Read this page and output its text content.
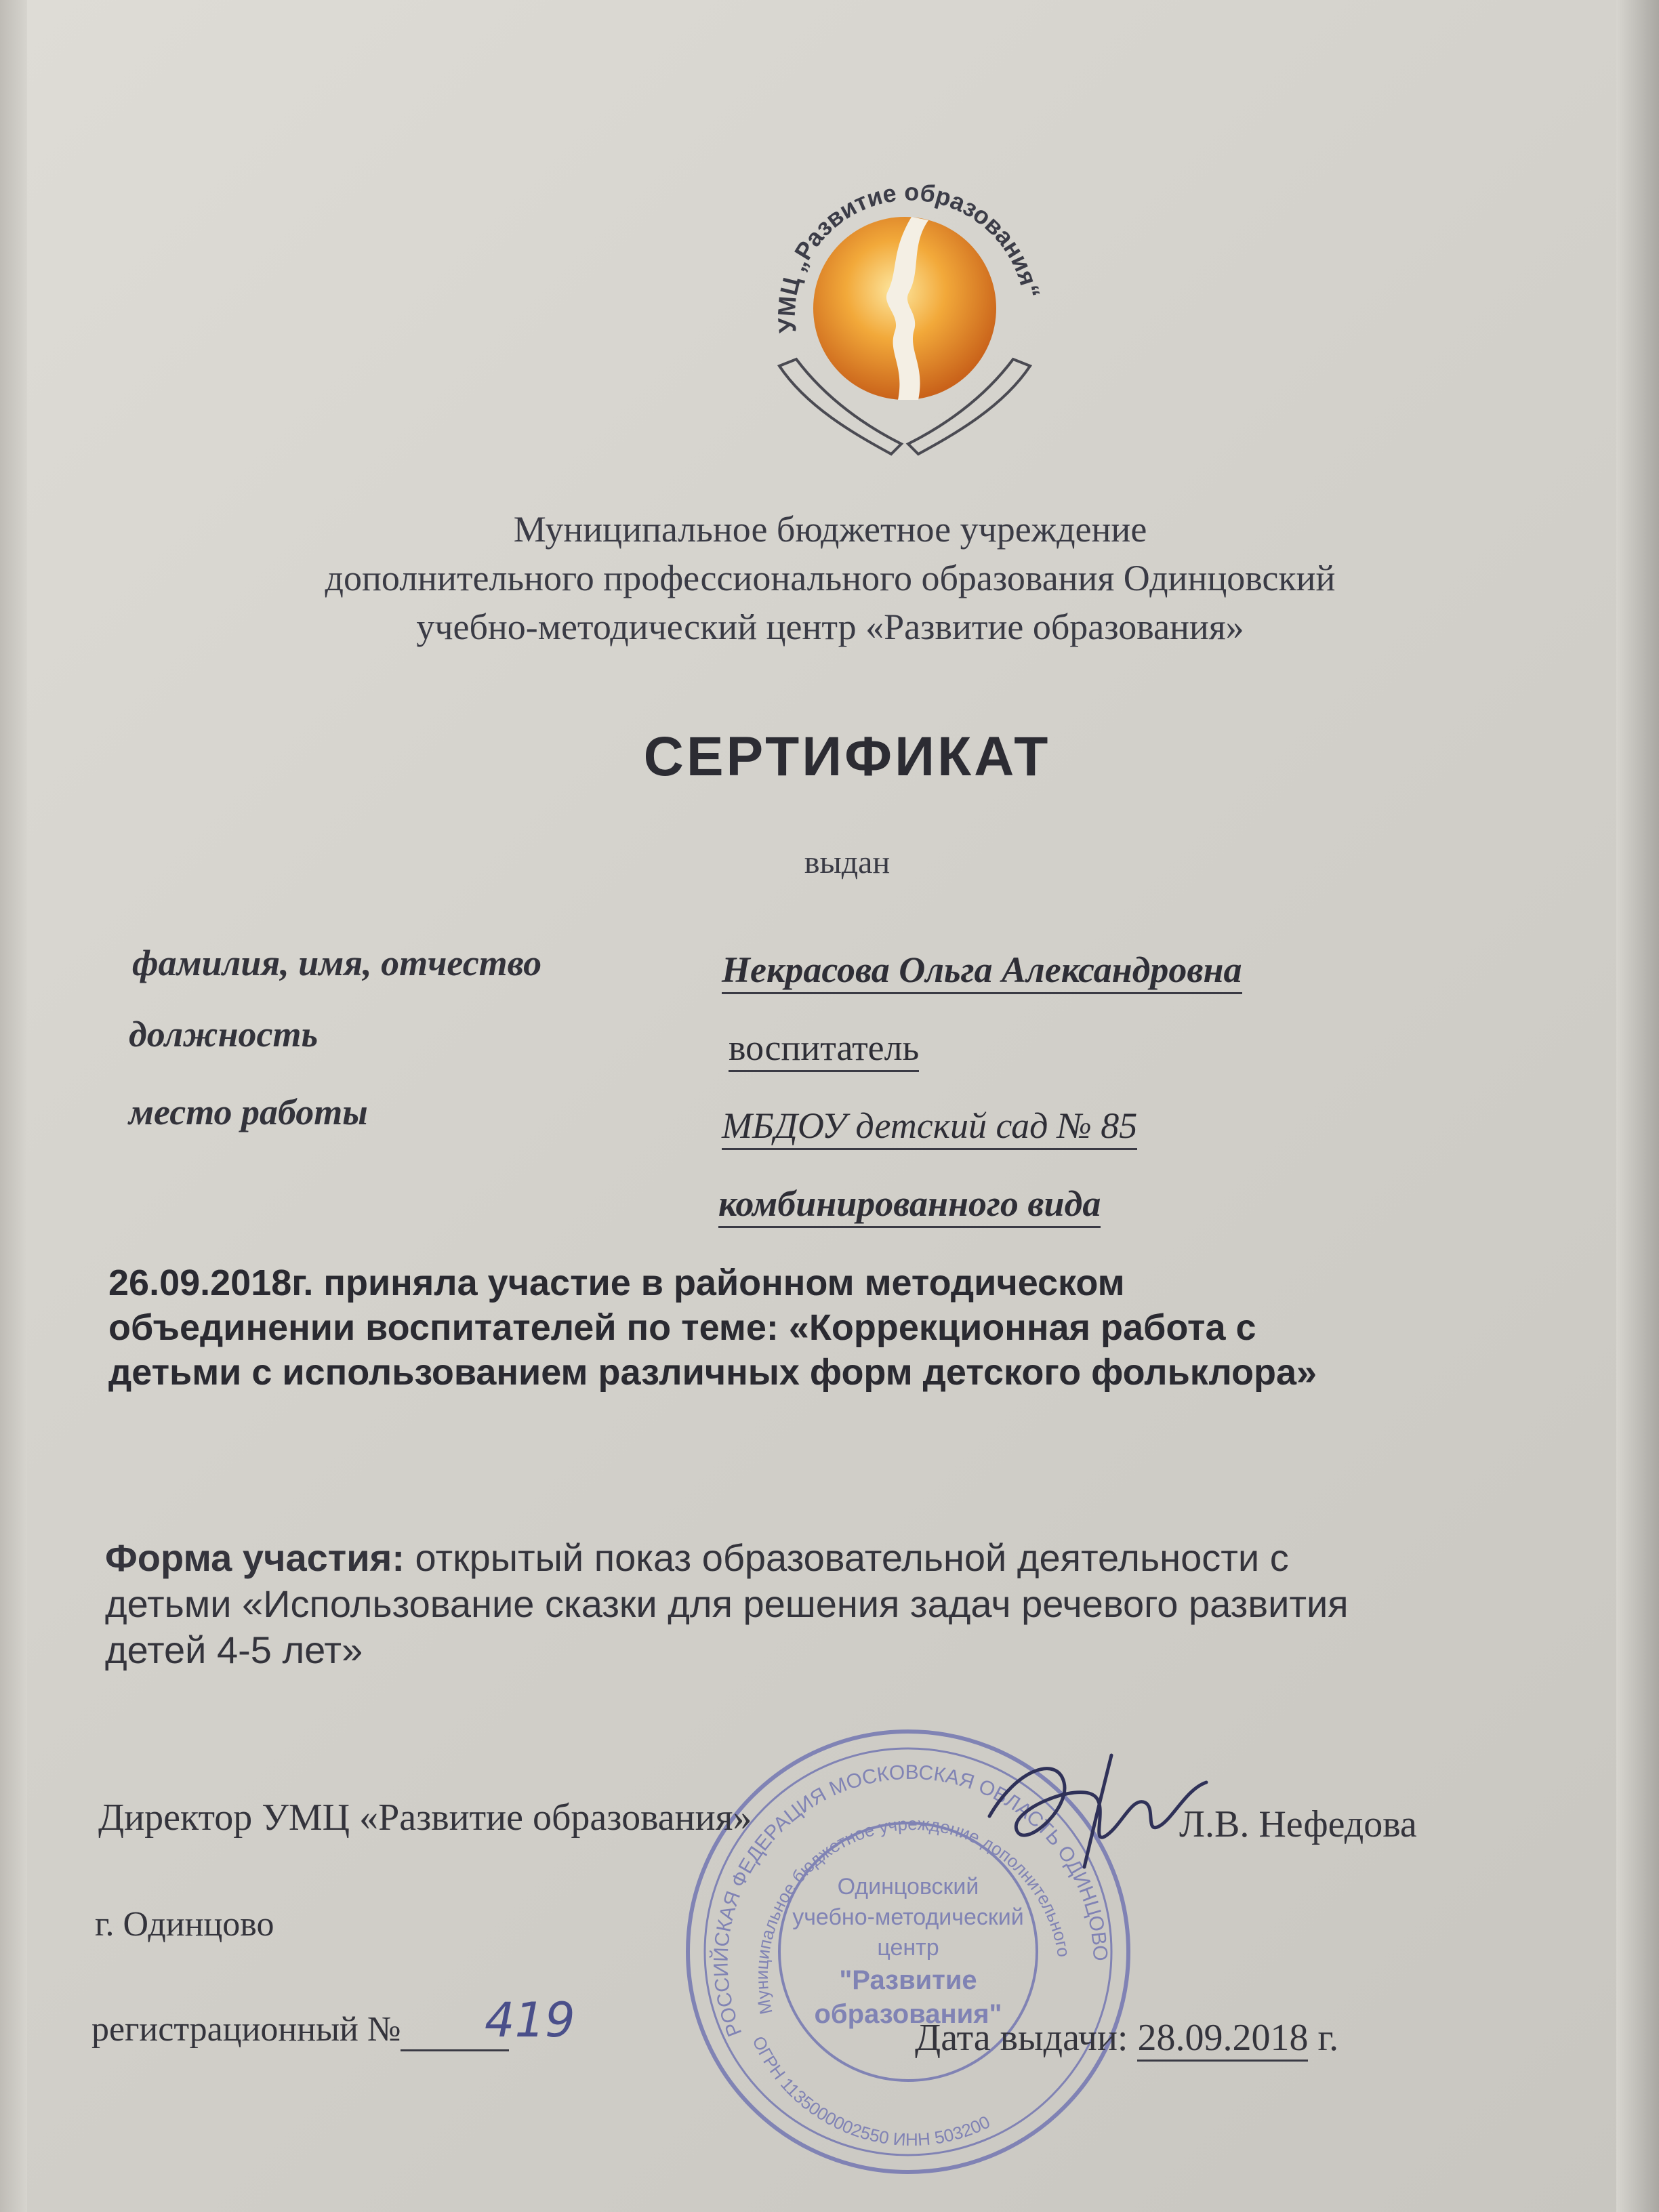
УМЦ „Развитие образования“
Муниципальное бюджетное учреждение
дополнительного профессионального образования Одинцовский
учебно-методический центр «Развитие образования»
СЕРТИФИКАТ
выдан
фамилия, имя, отчество	Некрасова Ольга Александровна
должность	воспитатель
место работы	МБДОУ детский сад № 85
комбинированного вида
26.09.2018г. приняла участие в районном методическом
объединении воспитателей по теме: «Коррекционная работа с
детьми с использованием различных форм детского фольклора»
Форма участия: открытый показ образовательной деятельности с
детьми «Использование сказки для решения задач речевого развития
детей 4-5 лет»
РОССИЙСКАЯ ФЕДЕРАЦИЯ МОСКОВСКАЯ ОБЛАСТЬ ОДИНЦОВО
Муниципальное бюджетное учреждение дополнительного
ОГРН 1135000002550 ИНН 503200
Одинцовский
учебно-методический
центр
"Развитие
образования"
Директор УМЦ «Развитие образования»	Л.В. Нефедова
г. Одинцово
регистрационный №	419	Дата выдачи: 28.09.2018 г.
